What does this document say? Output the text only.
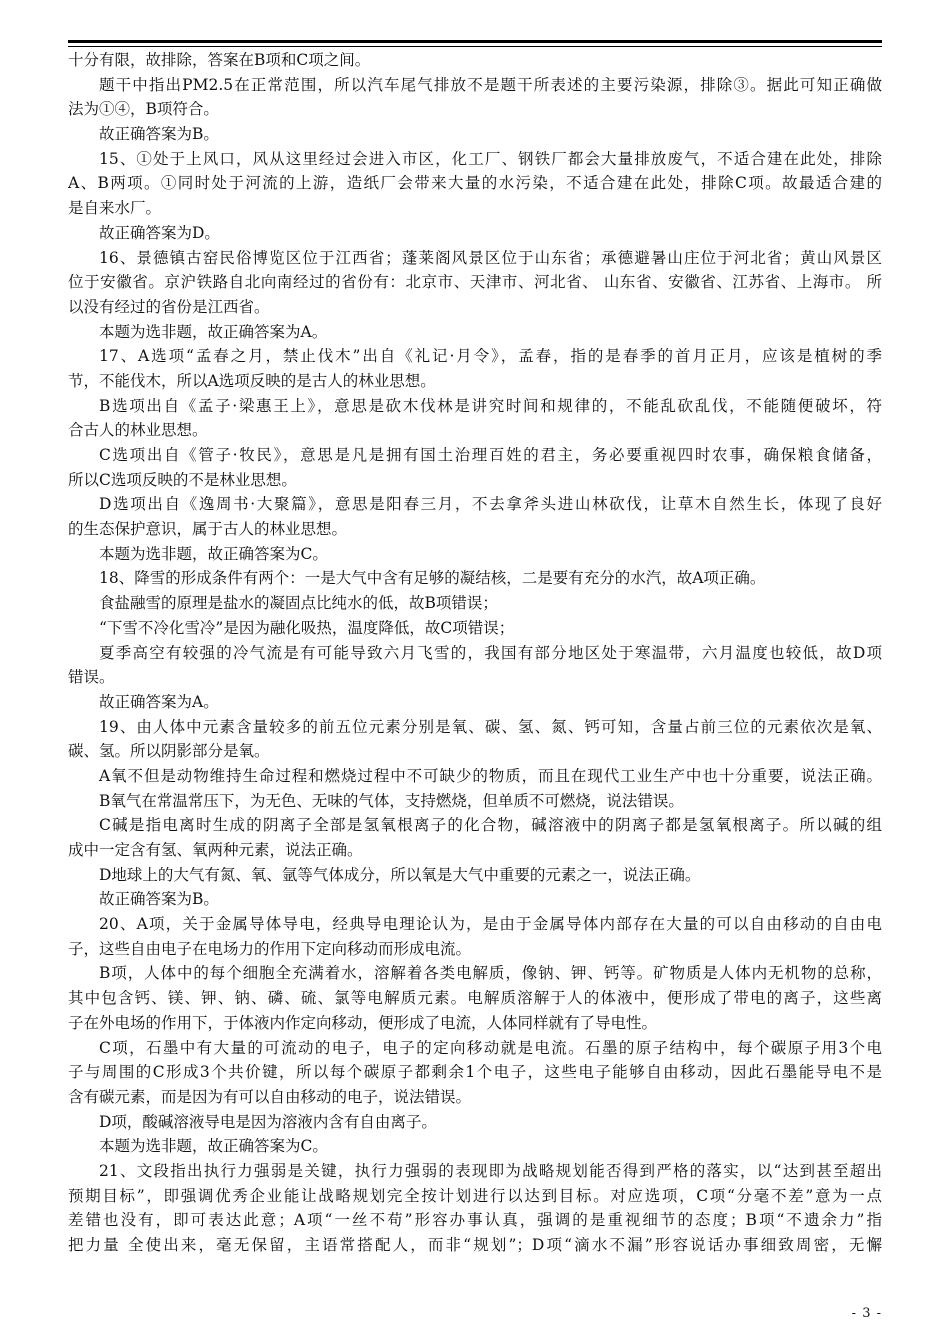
十分有限，故排除，答案在B项和C项之间。
题干中指出PM2.5在正常范围，所以汽车尾气排放不是题干所表述的主要污染源，排除③。据此可知正确做
法为①④，B项符合。
故正确答案为B。
15、①处于上风口，风从这里经过会进入市区，化工厂、钢铁厂都会大量排放废气，不适合建在此处，排除
A、B两项。①同时处于河流的上游，造纸厂会带来大量的水污染，不适合建在此处，排除C项。故最适合建的
是自来水厂。
故正确答案为D。
16、景德镇古窑民俗博览区位于江西省；蓬莱阁风景区位于山东省；承德避暑山庄位于河北省；黄山风景区
位于安徽省。京沪铁路自北向南经过的省份有：北京市、天津市、河北省、 山东省、安徽省、江苏省、上海市。 所
以没有经过的省份是江西省。
本题为选非题，故正确答案为A。
17、A选项“孟春之月，禁止伐木”出自《礼记·月令》，孟春，指的是春季的首月正月，应该是植树的季
节，不能伐木，所以A选项反映的是古人的林业思想。
B选项出自《孟子·梁惠王上》，意思是砍木伐林是讲究时间和规律的，不能乱砍乱伐，不能随便破坏，符
合古人的林业思想。
C选项出自《管子·牧民》，意思是凡是拥有国土治理百姓的君主，务必要重视四时农事，确保粮食储备，
所以C选项反映的不是林业思想。
D选项出自《逸周书·大聚篇》，意思是阳春三月，不去拿斧头进山林砍伐，让草木自然生长，体现了良好
的生态保护意识，属于古人的林业思想。
本题为选非题，故正确答案为C。
18、降雪的形成条件有两个：一是大气中含有足够的凝结核，二是要有充分的水汽，故A项正确。
食盐融雪的原理是盐水的凝固点比纯水的低，故B项错误；
“下雪不冷化雪冷”是因为融化吸热，温度降低，故C项错误；
夏季高空有较强的冷气流是有可能导致六月飞雪的，我国有部分地区处于寒温带，六月温度也较低，故D项
错误。
故正确答案为A。
19、由人体中元素含量较多的前五位元素分别是氧、碳、氢、氮、钙可知，含量占前三位的元素依次是氧、
碳、氢。所以阴影部分是氧。
A氧不但是动物维持生命过程和燃烧过程中不可缺少的物质，而且在现代工业生产中也十分重要，说法正确。
B氧气在常温常压下，为无色、无味的气体，支持燃烧，但单质不可燃烧，说法错误。
C碱是指电离时生成的阴离子全部是氢氧根离子的化合物，碱溶液中的阴离子都是氢氧根离子。所以碱的组
成中一定含有氢、氧两种元素，说法正确。
D地球上的大气有氮、氧、氩等气体成分，所以氧是大气中重要的元素之一，说法正确。
故正确答案为B。
20、A项，关于金属导体导电，经典导电理论认为，是由于金属导体内部存在大量的可以自由移动的自由电
子，这些自由电子在电场力的作用下定向移动而形成电流。
B项，人体中的每个细胞全充满着水，溶解着各类电解质，像钠、钾、钙等。矿物质是人体内无机物的总称，
其中包含钙、镁、钾、钠、磷、硫、氯等电解质元素。电解质溶解于人的体液中，便形成了带电的离子，这些离
子在外电场的作用下，于体液内作定向移动，便形成了电流，人体同样就有了导电性。
C项，石墨中有大量的可流动的电子，电子的定向移动就是电流。石墨的原子结构中，每个碳原子用3个电
子与周围的C形成3个共价键，所以每个碳原子都剩余1个电子，这些电子能够自由移动，因此石墨能导电不是
含有碳元素，而是因为有可以自由移动的电子，说法错误。
D项，酸碱溶液导电是因为溶液内含有自由离子。
本题为选非题，故正确答案为C。
21、文段指出执行力强弱是关键，执行力强弱的表现即为战略规划能否得到严格的落实，以“达到甚至超出
预期目标”，即强调优秀企业能让战略规划完全按计划进行以达到目标。对应选项，C项“分毫不差”意为一点
差错也没有，即可表达此意；A项“一丝不苟”形容办事认真，强调的是重视细节的态度；B项“不遗余力”指
把力量 全使出来，毫无保留，主语常搭配人，而非“规划”；D项“滴水不漏”形容说话办事细致周密，无懈
- 3 -
